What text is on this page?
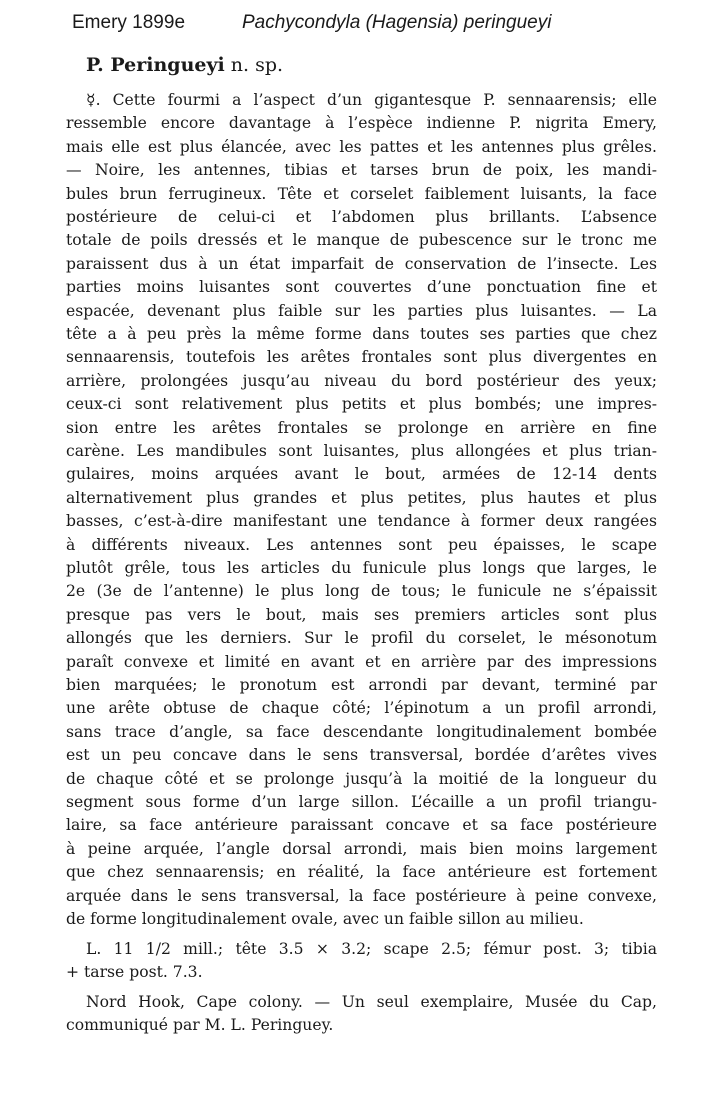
Emery 1899e	Pachycondyla (Hagensia) peringueyi
P. Peringueyi n. sp.
☿. Cette fourmi a l’aspect d’un gigantesque P. sennaarensis; elle
ressemble encore davantage à l’espèce indienne P. nigrita Emery,
mais elle est plus élancée, avec les pattes et les antennes plus grêles.
— Noire, les antennes, tibias et tarses brun de poix, les mandi-
bules brun ferrugineux. Tête et corselet faiblement luisants, la face
postérieure de celui-ci et l’abdomen plus brillants. L’absence
totale de poils dressés et le manque de pubescence sur le tronc me
paraissent dus à un état imparfait de conservation de l’insecte. Les
parties moins luisantes sont couvertes d’une ponctuation fine et
espacée, devenant plus faible sur les parties plus luisantes. — La
tête a à peu près la même forme dans toutes ses parties que chez
sennaarensis, toutefois les arêtes frontales sont plus divergentes en
arrière, prolongées jusqu’au niveau du bord postérieur des yeux;
ceux-ci sont relativement plus petits et plus bombés; une impres-
sion entre les arêtes frontales se prolonge en arrière en fine
carène. Les mandibules sont luisantes, plus allongées et plus trian-
gulaires, moins arquées avant le bout, armées de 12-14 dents
alternativement plus grandes et plus petites, plus hautes et plus
basses, c’est-à-dire manifestant une tendance à former deux rangées
à différents niveaux. Les antennes sont peu épaisses, le scape
plutôt grêle, tous les articles du funicule plus longs que larges, le
2e (3e de l’antenne) le plus long de tous; le funicule ne s’épaissit
presque pas vers le bout, mais ses premiers articles sont plus
allongés que les derniers. Sur le profil du corselet, le mésonotum
paraît convexe et limité en avant et en arrière par des impressions
bien marquées; le pronotum est arrondi par devant, terminé par
une arête obtuse de chaque côté; l’épinotum a un profil arrondi,
sans trace d’angle, sa face descendante longitudinalement bombée
est un peu concave dans le sens transversal, bordée d’arêtes vives
de chaque côté et se prolonge jusqu’à la moitié de la longueur du
segment sous forme d’un large sillon. L’écaille a un profil triangu-
laire, sa face antérieure paraissant concave et sa face postérieure
à peine arquée, l’angle dorsal arrondi, mais bien moins largement
que chez sennaarensis; en réalité, la face antérieure est fortement
arquée dans le sens transversal, la face postérieure à peine convexe,
de forme longitudinalement ovale, avec un faible sillon au milieu.
L. 11 1/2 mill.; tête 3.5 × 3.2; scape 2.5; fémur post. 3; tibia
+ tarse post. 7.3.
Nord Hook, Cape colony. — Un seul exemplaire, Musée du Cap,
communiqué par M. L. Peringuey.
